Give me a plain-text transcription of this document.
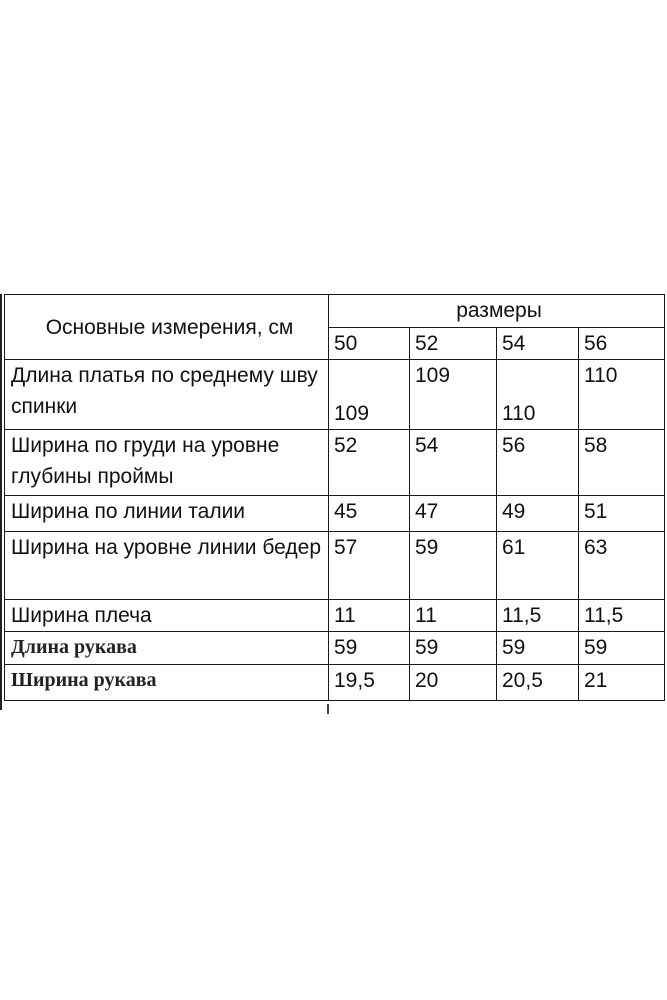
Основные измерения, см	размеры			
	50	52	54	56
Длина платья по среднему шву спинки	109	109	110	110
Ширина по груди на уровне глубины проймы	52	54	56	58
Ширина по линии талии	45	47	49	51
Ширина на уровне линии бедер	57	59	61	63
Ширина плеча	11	11	11,5	11,5
Длина рукава	59	59	59	59
Ширина рукава	19,5	20	20,5	21
